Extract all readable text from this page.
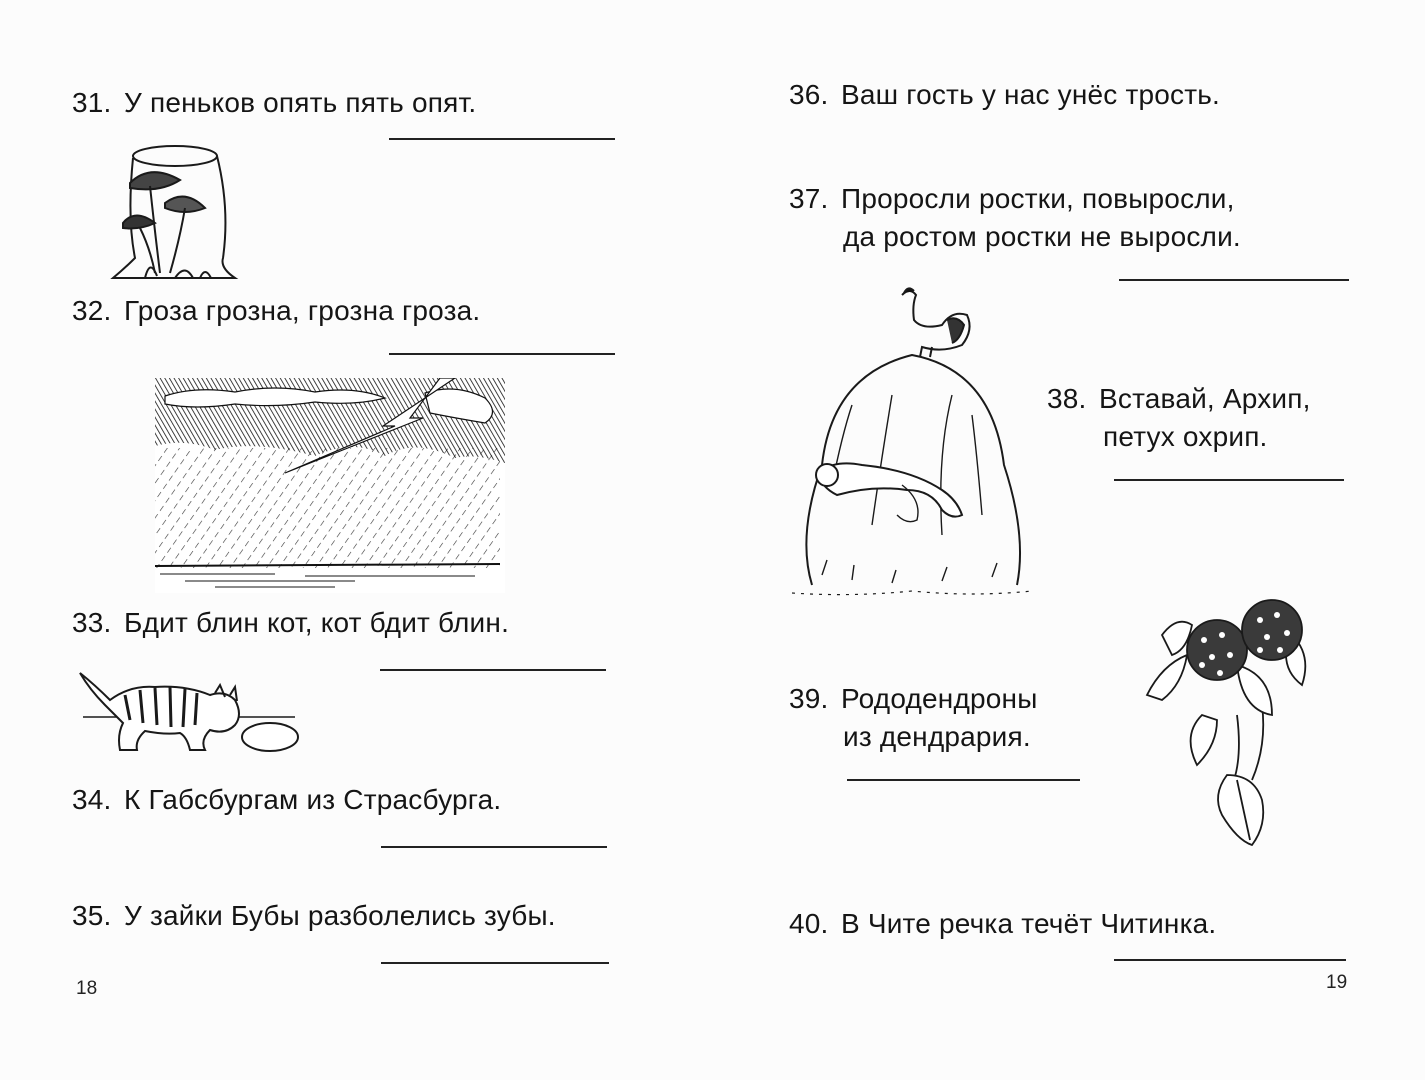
31. У пеньков опять пять опят.
32. Гроза грозна, грозна гроза.
33. Бдит блин кот, кот бдит блин.
34. К Габсбургам из Страсбурга.
35. У зайки Бубы разболелись зубы.
18
36. Ваш гость у нас унёс трость.
37. Проросли ростки, повыросли,
да ростом ростки не выросли.
38. Вставай, Архип,
петух охрип.
39. Рододендроны
из дендрария.
40. В Чите речка течёт Читинка.
19
